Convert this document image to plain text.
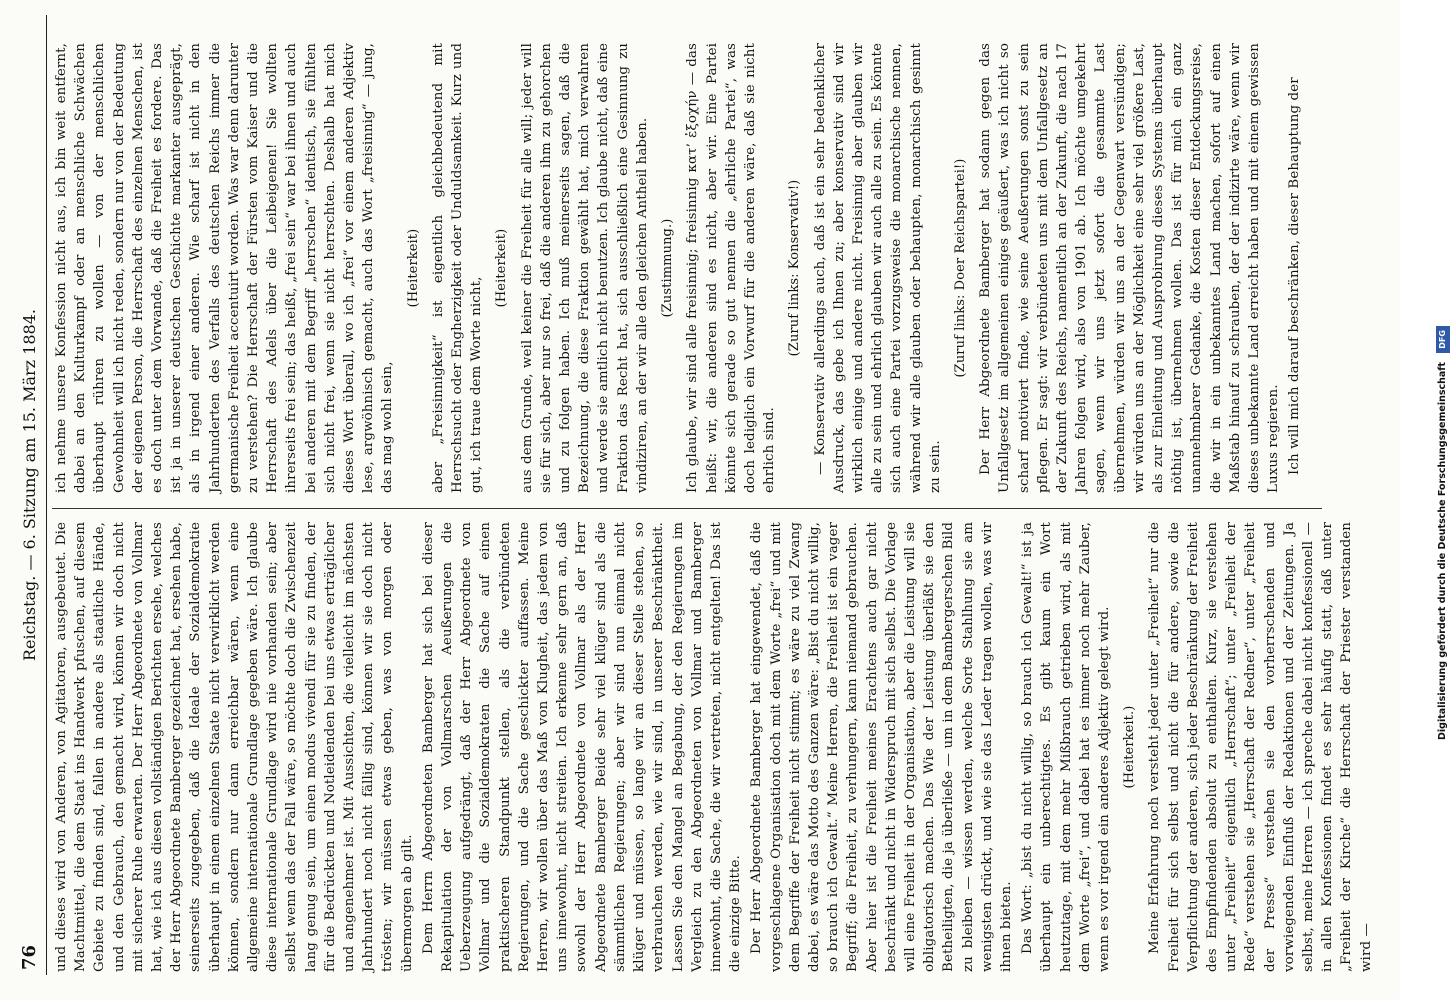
76
Reichstag. — 6. Sitzung am 15. März 1884.

und dieses wird von Anderen, von Agitatoren, ausgebeutet. Die Machtmittel, die dem Staat ins Handwerk pfuschen, auf diesem Gebiete zu finden sind, fallen in andere als staatliche Hände, und den Gebrauch, den gemacht wird, können wir doch nicht mit sicherer Ruhe erwarten. Der Herr Abgeordnete von Vollmar hat, wie ich aus diesen vollständigen Berichten ersehe, welches der Herr Abgeordnete Bamberger gezeichnet hat, ersehen habe, seinerseits zugegeben, daß die Ideale der Sozialdemokratie überhaupt in einem einzelnen Staate nicht verwirklicht werden können, sondern nur dann erreichbar wären, wenn eine allgemeine internationale Grundlage gegeben wäre. Ich glaube diese internationale Grundlage wird nie vorhanden sein; aber selbst wenn das der Fall wäre, so möchte doch die Zwischenzeit lang genug sein, um einen modus vivendi für sie zu finden, der für die Bedrückten und Notleidenden bei uns etwas erträglicher und angenehmer ist. Mit Aussichten, die vielleicht im nächsten Jahrhundert noch nicht fällig sind, können wir sie doch nicht trösten; wir müssen etwas geben, was von morgen oder übermorgen ab gilt. Dem Herrn Abgeordneten Bamberger hat sich bei dieser Rekapitulation der von Vollmarschen Aeußerungen die Ueberzeugung aufgedrängt, daß der Herr Abgeordnete von Vollmar und die Sozialdemokraten die Sache auf einen praktischeren Standpunkt stellen, als die verbündeten Regierungen, und die Sache geschickter auffassen. Meine Herren, wir wollen über das Maß von Klugheit, das jedem von uns innewohnt, nicht streiten. Ich erkenne sehr gern an, daß sowohl der Herr Abgeordnete von Vollmar als der Herr Abgeordnete Bamberger Beide sehr viel klüger sind als die sämmtlichen Regierungen; aber wir sind nun einmal nicht klüger und müssen, so lange wir an dieser Stelle stehen, so verbrauchen werden, wie wir sind, in unserer Beschränktheit. Lassen Sie den Mangel an Begabung, der den Regierungen im Vergleich zu den Abgeordneten von Vollmar und Bamberger innewohnt, die Sache, die wir vertreten, nicht entgelten! Das ist die einzige Bitte. Der Herr Abgeordnete Bamberger hat eingewendet, daß die vorgeschlagene Organisation doch mit dem Worte „frei“ und mit dem Begriffe der Freiheit nicht stimmt; es wäre zu viel Zwang dabei, es wäre das Motto des Ganzen wäre: „Bist du nicht willig, so brauch ich Gewalt.“ Meine Herren, die Freiheit ist ein vager Begriff; die Freiheit, zu verhungern, kann niemand gebrauchen. Aber hier ist die Freiheit meines Erachtens auch gar nicht beschränkt und nicht in Widerspruch mit sich selbst. Die Vorlage will eine Freiheit in der Organisation, aber die Leistung will sie obligatorisch machen. Das Wie der Leistung überläßt sie den Betheiligten, die ja überließe — um in dem Bambergerschen Bild zu bleiben — wissen werden, welche Sorte Stahlhung sie am wenigsten drückt, und wie sie das Leder tragen wollen, was wir ihnen bieten. Das Wort: „bist du nicht willig, so brauch ich Gewalt!“ ist ja überhaupt ein unberechtigtes. Es gibt kaum ein Wort heutzutage, mit dem mehr Mißbrauch getrieben wird, als mit dem Worte „frei“, und dabei hat es immer noch mehr Zauber, wenn es vor irgend ein anderes Adjektiv gelegt wird. (Heiterkeit.) Meine Erfahrung noch versteht jeder unter „Freiheit“ nur die Freiheit für sich selbst und nicht die für andere, sowie die Verpflichtung der anderen, sich jeder Beschränkung der Freiheit des Empfindenden absolut zu enthalten. Kurz, sie verstehen unter „Freiheit“ eigentlich „Herrschaft“; unter „Freiheit der Rede“ verstehen sie „Herrschaft der Redner“, unter „Freiheit der Presse“ verstehen sie den vorherrschenden und vorwiegenden Einfluß der Redaktionen und der Zeitungen. Ja selbst, meine Herren — ich spreche dabei nicht konfessionell — in allen Konfessionen findet es sehr häufig statt, daß unter „Freiheit der Kirche“ die Herrschaft der Priester verstanden wird —

ich nehme unsere Konfession nicht aus, ich bin weit entfernt, dabei an den Kulturkampf oder an menschliche Schwächen überhaupt rühren zu wollen — von der menschlichen Gewohnheit will ich nicht reden, sondern nur von der Bedeutung der eigenen Person, die Herrschaft des einzelnen Menschen, ist es doch unter dem Vorwande, daß die Freiheit es fordere. Das ist ja in unserer deutschen Geschichte markanter ausgeprägt, als in irgend einer anderen. Wie scharf ist nicht in den Jahrhunderten des Verfalls des deutschen Reichs immer die germanische Freiheit accentuirt worden. Was war denn darunter zu verstehen? Die Herrschaft der Fürsten vom Kaiser und die Herrschaft des Adels über die Leibeigenen! Sie wollten ihrerseits frei sein; das heißt, „frei sein“ war bei ihnen und auch bei anderen mit dem Begriff „herrschen“ identisch, sie fühlten sich nicht frei, wenn sie nicht herrschten. Deshalb hat mich dieses Wort überall, wo ich „frei“ vor einem anderen Adjektiv lese, argwöhnisch gemacht, auch das Wort „freisinnig“ — jung, das mag wohl sein,

(Heiterkeit) aber „Freisinnigkeit“ ist eigentlich gleichbedeutend mit Herrschsucht oder Engherzigkeit oder Unduldsamkeit. Kurz und gut, ich traue dem Worte nicht,

(Heiterkeit) aus dem Grunde, weil keiner die Freiheit für alle will; jeder will sie für sich, aber nur so frei, daß die anderen ihm zu gehorchen und zu folgen haben. Ich muß meinerseits sagen, daß die Bezeichnung, die diese Fraktion gewählt hat, mich verwahren und werde sie amtlich nicht benutzen. Ich glaube nicht, daß eine Fraktion das Recht hat, sich ausschließlich eine Gesinnung zu vindiziren, an der wir alle den gleichen Antheil haben. (Zustimmung.) Ich glaube, wir sind alle freisinnig; freisinnig κατ’ ἐξοχήν — das heißt: wir, die anderen sind es nicht, aber wir. Eine Partei könnte sich gerade so gut nennen die „ehrliche Partei“, was doch lediglich ein Vorwurf für die anderen wäre, daß sie nicht ehrlich sind.

(Zuruf links: Konservativ!) — Konservativ allerdings auch, daß ist ein sehr bedenklicher Ausdruck, das gebe ich Ihnen zu; aber konservativ sind wir wirklich einige und andere nicht. Freisinnig aber glauben wir alle zu sein und ehrlich glauben wir auch alle zu sein. Es könnte sich auch eine Partei vorzugsweise die monarchische nennen, während wir alle glauben oder behaupten, monarchisch gesinnt zu sein.

(Zuruf links: Doer Reichspartei!) Der Herr Abgeordnete Bamberger hat sodann gegen das Unfallgesetz im allgemeinen einiges geäußert, was ich nicht so scharf motiviert finde, wie seine Aeußerungen sonst zu sein pflegen. Er sagt: wir verbündeten uns mit dem Unfallgesetz an der Zukunft des Reichs, namentlich an der Zukunft, die nach 17 Jahren folgen wird, also von 1901 ab. Ich möchte umgekehrt sagen, wenn wir uns jetzt sofort die gesammte Last übernehmen, würden wir uns an der Gegenwart versündigen; wir würden uns an der Möglichkeit eine sehr viel größere Last, als zur Einleitung und Ausprobirung dieses Systems überhaupt nöthig ist, übernehmen wollen. Das ist für mich ein ganz unannehmbarer Gedanke, die Kosten dieser Entdeckungsreise, die wir in ein unbekanntes Land machen, sofort auf einen Maßstab hinauf zu schrauben, der der indizirte wäre, wenn wir dieses unbekannte Land erreicht haben und mit einem gewissen Luxus regieren. Ich will mich darauf beschränken, dieser Behauptung der

Digitalisierung gefördert durch die Deutsche Forschungsgemeinschaft DFG
